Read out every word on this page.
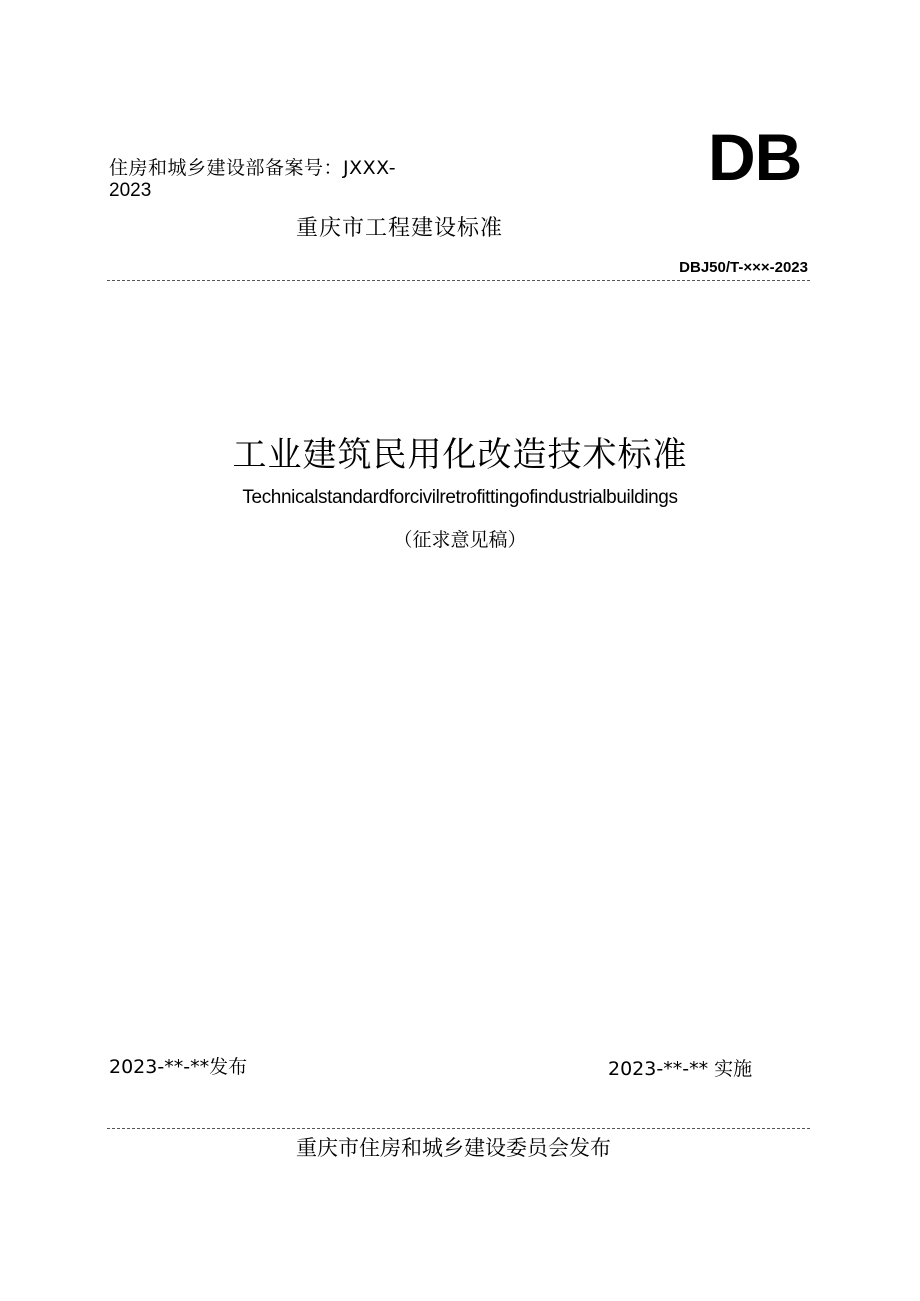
住房和城乡建设部备案号：JXXX-
2023	DB
重庆市工程建设标准
DBJ50/T-×××-2023
工业建筑民用化改造技术标准
Technicalstandardforcivilretrofittingofindustrialbuildings
（征求意见稿）
2023-**-**发布	2023-**-** 实施
重庆市住房和城乡建设委员会发布
